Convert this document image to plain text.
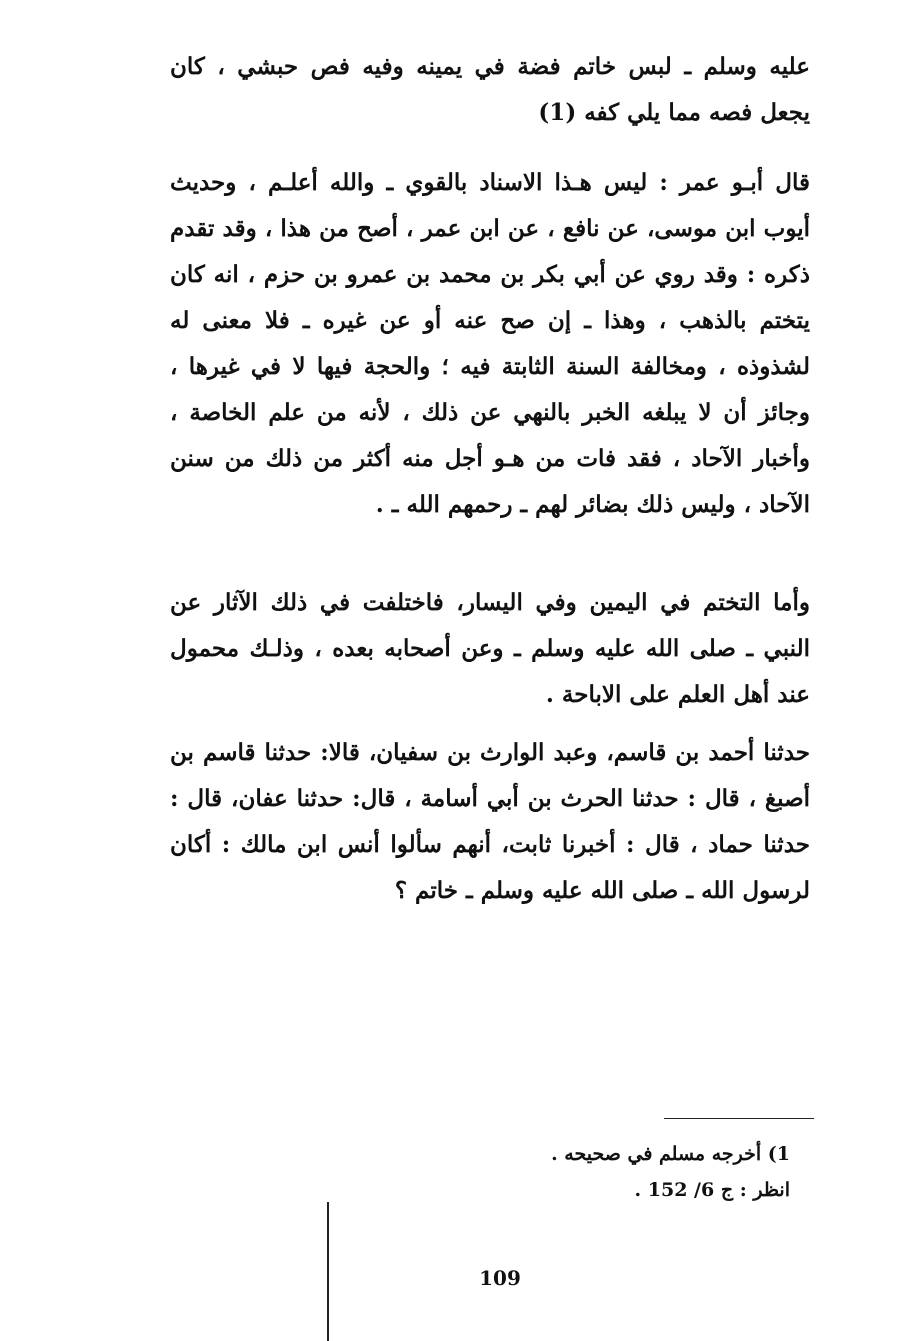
عليه وسلم ـ لبس خاتم فضة في يمينه وفيه فص حبشي ، كان يجعل فصه مما يلي كفه (1)

قال أبـو عمر : ليس هـذا الاسناد بالقوي ـ والله أعلـم ، وحديث أيوب ابن موسى، عن نافع ، عن ابن عمر ، أصح من هذا ، وقد تقدم ذكره : وقد روي عن أبي بكر بن محمد بن عمرو بن حزم ، انه كان يتختم بالذهب ، وهذا ـ إن صح عنه أو عن غيره ـ فلا معنى له لشذوذه ، ومخالفة السنة الثابتة فيه ؛ والحجة فيها لا في غيرها ، وجائز أن لا يبلغه الخبر بالنهي عن ذلك ، لأنه من علم الخاصة ، وأخبار الآحاد ، فقد فات من هـو أجل منه أكثر من ذلك من سنن الآحاد ، وليس ذلك بضائر لهم ـ رحمهم الله ـ .

وأما التختم في اليمين وفي اليسار، فاختلفت في ذلك الآثار عن النبي ـ صلى الله عليه وسلم ـ وعن أصحابه بعده ، وذلـك محمول عند أهل العلم على الاباحة .

حدثنا أحمد بن قاسم، وعبد الوارث بن سفيان، قالا: حدثنا قاسم بن أصبغ ، قال : حدثنا الحرث بن أبي أسامة ، قال: حدثنا عفان، قال : حدثنا حماد ، قال : أخبرنا ثابت، أنهم سألوا أنس ابن مالك : أكان لرسول الله ـ صلى الله عليه وسلم ـ خاتم ؟

1) أخرجه مسلم في صحيحه .

انظر : ج 6/ 152 .

109
